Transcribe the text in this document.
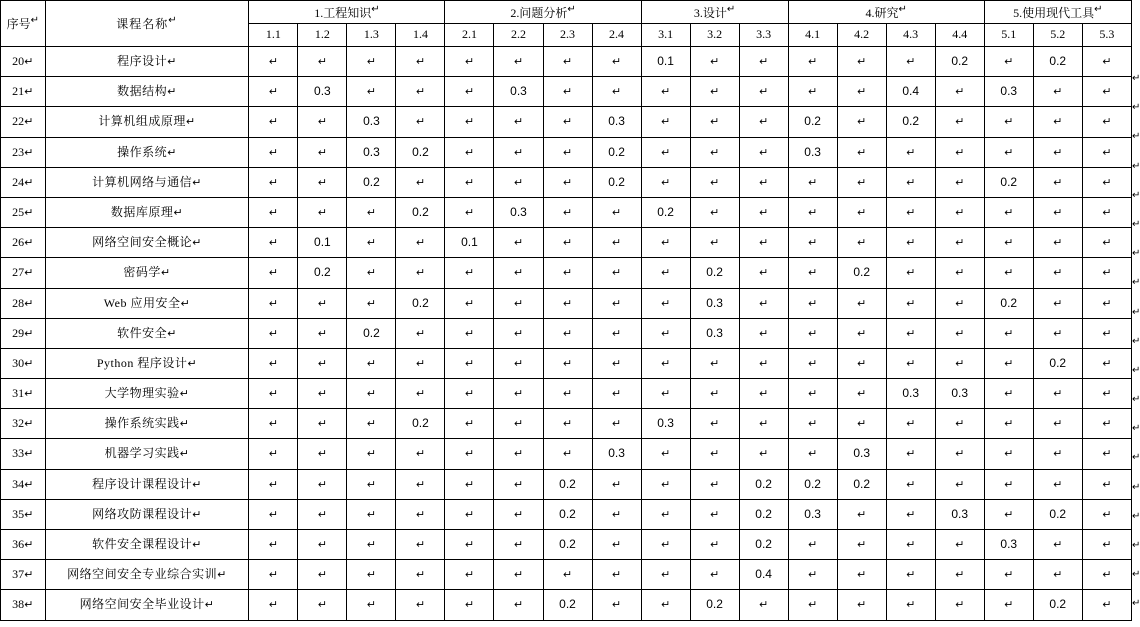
序号↵	课程名称↵	1.工程知识↵				2.问题分析↵				3.设计↵			4.研究↵				5.使用现代工具↵
		1.1	1.2	1.3	1.4	2.1	2.2	2.3	2.4	3.1	3.2	3.3	4.1	4.2	4.3	4.4	5.1	5.2	5.3
20↵	程序设计↵	↵	↵	↵	↵	↵	↵	↵	↵	0.1	↵	↵	↵	↵	↵	0.2	↵	0.2	↵
21↵	数据结构↵	↵	0.3	↵	↵	↵	0.3	↵	↵	↵	↵	↵	↵	↵	0.4	↵	0.3	↵	↵
22↵	计算机组成原理↵	↵	↵	0.3	↵	↵	↵	↵	0.3	↵	↵	↵	0.2	↵	0.2	↵	↵	↵	↵
23↵	操作系统↵	↵	↵	0.3	0.2	↵	↵	↵	0.2	↵	↵	↵	0.3	↵	↵	↵	↵	↵	↵
24↵	计算机网络与通信↵	↵	↵	0.2	↵	↵	↵	↵	0.2	↵	↵	↵	↵	↵	↵	↵	0.2	↵	↵
25↵	数据库原理↵	↵	↵	↵	0.2	↵	0.3	↵	↵	0.2	↵	↵	↵	↵	↵	↵	↵	↵	↵
26↵	网络空间安全概论↵	↵	0.1	↵	↵	0.1	↵	↵	↵	↵	↵	↵	↵	↵	↵	↵	↵	↵	↵
27↵	密码学↵	↵	0.2	↵	↵	↵	↵	↵	↵	↵	0.2	↵	↵	0.2	↵	↵	↵	↵	↵
28↵	Web 应用安全↵	↵	↵	↵	0.2	↵	↵	↵	↵	↵	0.3	↵	↵	↵	↵	↵	0.2	↵	↵
29↵	软件安全↵	↵	↵	0.2	↵	↵	↵	↵	↵	↵	0.3	↵	↵	↵	↵	↵	↵	↵	↵
30↵	Python 程序设计↵	↵	↵	↵	↵	↵	↵	↵	↵	↵	↵	↵	↵	↵	↵	↵	↵	0.2	↵
31↵	大学物理实验↵	↵	↵	↵	↵	↵	↵	↵	↵	↵	↵	↵	↵	↵	0.3	0.3	↵	↵	↵
32↵	操作系统实践↵	↵	↵	↵	0.2	↵	↵	↵	↵	0.3	↵	↵	↵	↵	↵	↵	↵	↵	↵
33↵	机器学习实践↵	↵	↵	↵	↵	↵	↵	↵	0.3	↵	↵	↵	↵	0.3	↵	↵	↵	↵	↵
34↵	程序设计课程设计↵	↵	↵	↵	↵	↵	↵	0.2	↵	↵	↵	0.2	0.2	0.2	↵	↵	↵	↵	↵
35↵	网络攻防课程设计↵	↵	↵	↵	↵	↵	↵	0.2	↵	↵	↵	0.2	0.3	↵	↵	0.3	↵	0.2	↵
36↵	软件安全课程设计↵	↵	↵	↵	↵	↵	↵	0.2	↵	↵	↵	0.2	↵	↵	↵	↵	0.3	↵	↵
37↵	网络空间安全专业综合实训↵	↵	↵	↵	↵	↵	↵	↵	↵	↵	↵	0.4	↵	↵	↵	↵	↵	↵	↵
38↵	网络空间安全毕业设计↵	↵	↵	↵	↵	↵	↵	0.2	↵	↵	0.2	↵	↵	↵	↵	↵	↵	0.2	↵
↵
↵
↵
↵
↵
↵
↵
↵
↵
↵
↵
↵
↵
↵
↵
↵
↵
↵
↵
